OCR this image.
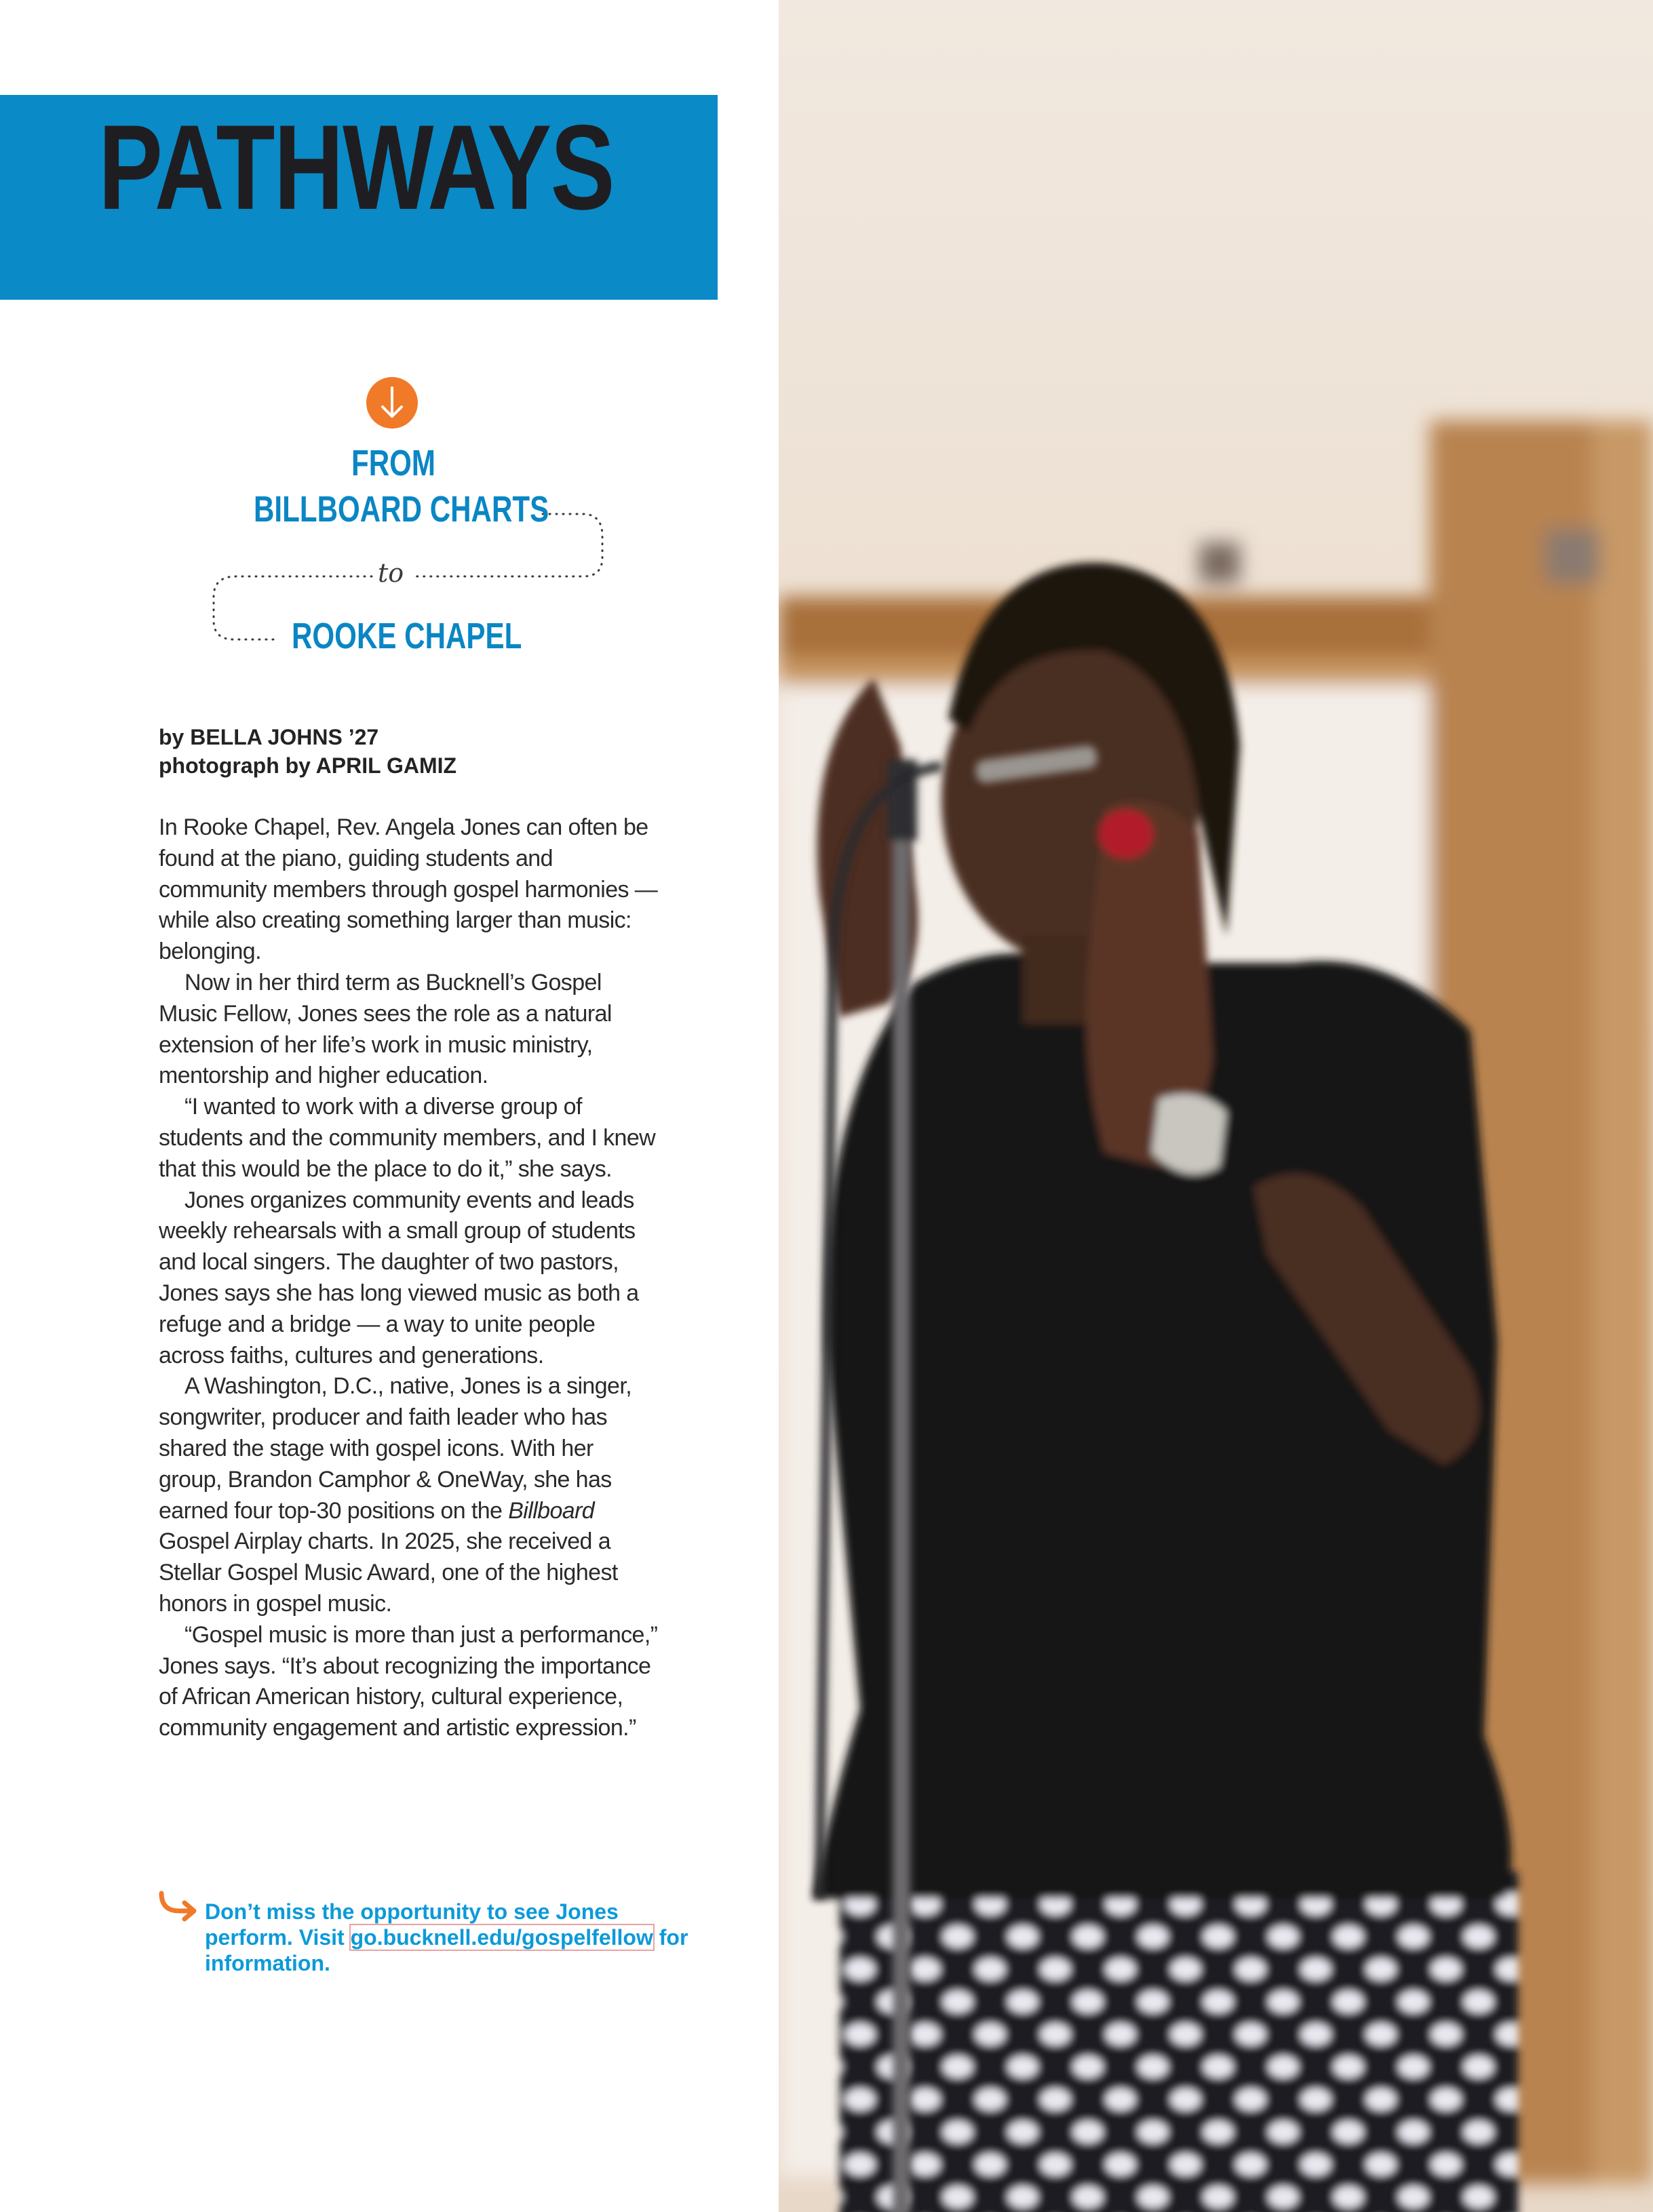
PATHWAYS
FROM
BILLBOARD CHARTS
to
ROOKE CHAPEL
by BELLA JOHNS ’27
photograph by APRIL GAMIZ

In Rooke Chapel, Rev. Angela Jones can often be found at the piano, guiding students and community members through gospel harmonies — while also creating something larger than music: belonging.

Now in her third term as Bucknell’s Gospel Music Fellow, Jones sees the role as a natural extension of her life’s work in music ministry, mentorship and higher education.

“I wanted to work with a diverse group of students and the community members, and I knew that this would be the place to do it,” she says.

Jones organizes community events and leads weekly rehearsals with a small group of students and local singers. The daughter of two pastors, Jones says she has long viewed music as both a refuge and a bridge — a way to unite people across faiths, cultures and generations.

A Washington, D.C., native, Jones is a singer, songwriter, producer and faith leader who has shared the stage with gospel icons. With her group, Brandon Camphor & OneWay, she has earned four top-30 positions on the Billboard Gospel Airplay charts. In 2025, she received a Stellar Gospel Music Award, one of the highest honors in gospel music.

“Gospel music is more than just a performance,” Jones says. “It’s about recognizing the importance of African American history, cultural experience, community engagement and artistic expression.”

Don’t miss the opportunity to see Jones perform. Visit go.bucknell.edu/gospelfellow for information.
